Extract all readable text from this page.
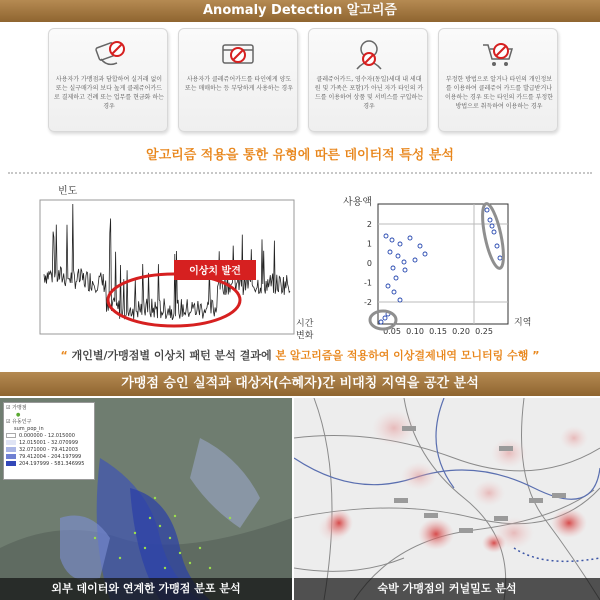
Anomaly Detection 알고리즘
사용자가 가맹점과 담합하여 실거래 없이 또는 실구매가의 보다 높게 클레쥬어카드로 결제하고 건례 또는 업무를 현금화 하는 경우
사용자가 클레쥬어카드를 타인에게 양도 또는 매매하는 등 부당하게 사용하는 경우
클레쥬어카드, 영수자(동일)세대 내 세대원 및 가족은 포함)가 아닌 자가 타인의 카드를 이용하여 상품 및 서비스를 구입하는 경우
부정한 방법으로 알거나 타인의 개인정보를 이용하여 클레쥬어 카드를 발급받거나 이용하는 경우 또는 타인의 카드를 부정한 방법으로 취득하여 이용하는 경우
알고리즘 적용을 통한 유형에 따른 데이터적 특성 분석
빈도
이상치 발견
시간
변화
사용액
2
1
0
-1
-2
0.05 0.10 0.15 0.20 0.25
지역
“ 개인별/가맹점별 이상치 패턴 분석 결과에 본 알고리즘을 적용하여 이상결제내역 모니터링 수행 ”
가맹점 승인 실적과 대상자(수혜자)간 비대칭 지역을 공간 분석
외부 데이터와 연계한 가맹점 분포 분석
☑ 가맹점
●
☑ 유동인구
sum_pop_in
0.000000 - 12.015000
12.015001 - 32.070999
32.071000 - 79.412003
79.412004 - 204.197999
204.197999 - 581.346995
숙박 가맹점의 커널밀도 분석
